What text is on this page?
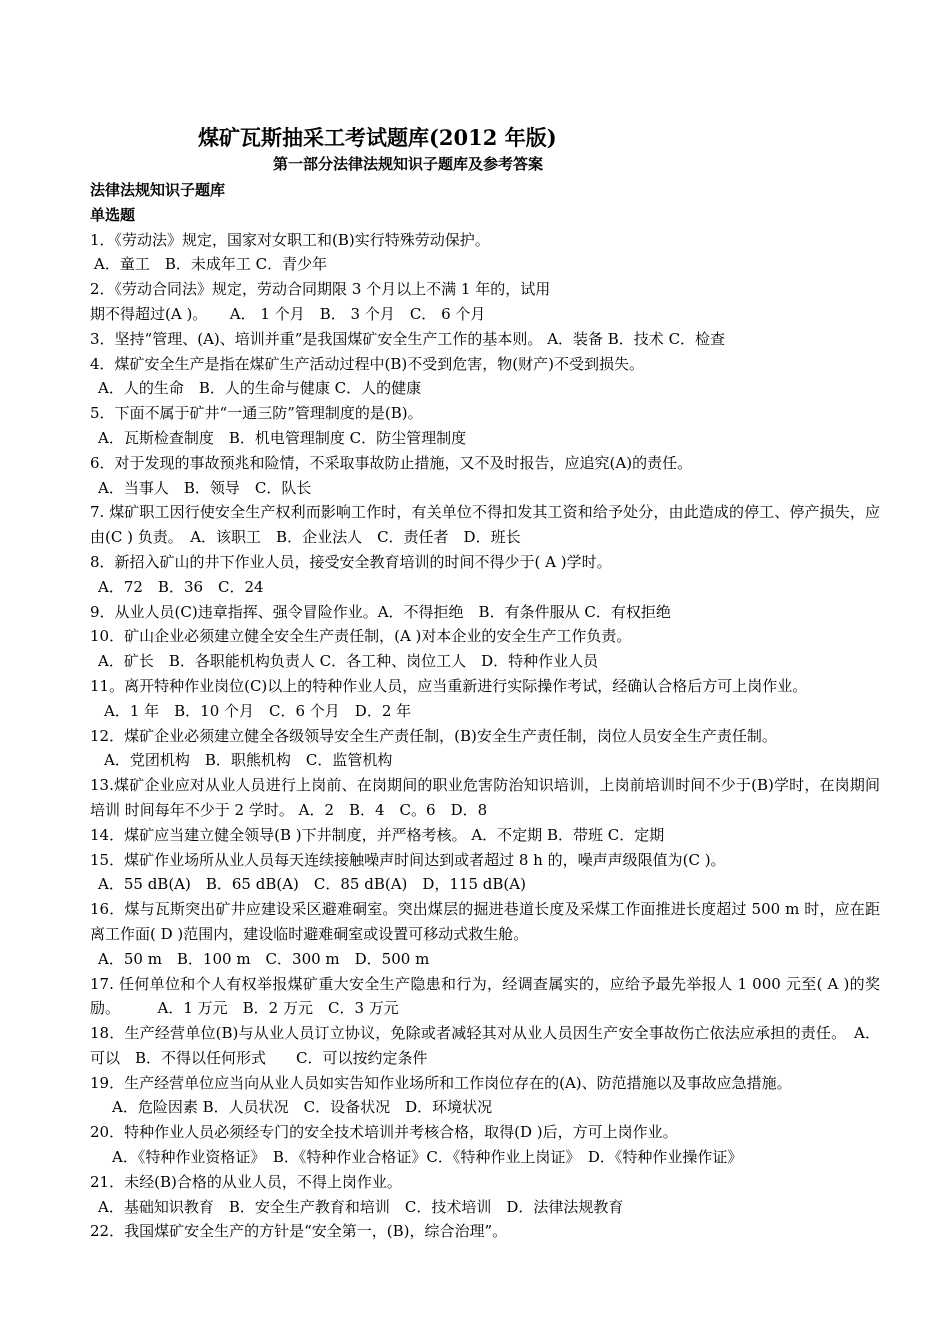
煤矿瓦斯抽采工考试题库(2012 年版)
第一部分法律法规知识子题库及参考答案
法律法规知识子题库
单选题
1．《劳动法》规定，国家对女职工和(B)实行特殊劳动保护。
A．童工　B．未成年工 C．青少年
2．《劳动合同法》规定，劳动合同期限 3 个月以上不满 1 年的，试用
期不得超过(A )。　　A． 1 个月　B． 3 个月　C． 6 个月
3．坚持“管理、(A)、培训并重”是我国煤矿安全生产工作的基本则。 A．装备 B．技术 C．检查
4．煤矿安全生产是指在煤矿生产活动过程中(B)不受到危害，物(财产)不受到损失。
A．人的生命　B．人的生命与健康 C．人的健康
5．下面不属于矿井“一通三防”管理制度的是(B)。
A．瓦斯检查制度　B．机电管理制度 C．防尘管理制度
6．对于发现的事故预兆和险情，不采取事故防止措施，又不及时报告，应追究(A)的责任。
A．当事人　B．领导　C．队长
7. 煤矿职工因行使安全生产权利而影响工作时，有关单位不得扣发其工资和给予处分，由此造成的停工、停产损失，应由(C ) 负责。　A．该职工　B．企业法人　C．责任者　D．班长
8．新招入矿山的井下作业人员，接受安全教育培训的时间不得少于( A )学时。
A．72　B．36　C．24
9．从业人员(C)违章指挥、强令冒险作业。A．不得拒绝　B．有条件服从 C．有权拒绝
10．矿山企业必须建立健全安全生产责任制，(A )对本企业的安全生产工作负责。
A．矿长　B．各职能机构负责人 C．各工种、岗位工人　D．特种作业人员
11。离开特种作业岗位(C)以上的特种作业人员，应当重新进行实际操作考试，经确认合格后方可上岗作业。
A．1 年　B．10 个月　C．6 个月　D．2 年
12．煤矿企业必须建立健全各级领导安全生产责任制，(B)安全生产责任制，岗位人员安全生产责任制。
A．党团机构　B．职熊机构　C．监管机构
13.煤矿企业应对从业人员进行上岗前、在岗期间的职业危害防治知识培训，上岗前培训时间不少于(B)学时，在岗期间培训 时间每年不少于 2 学时。 A．2　B．4　C。6　D．8
14．煤矿应当建立健全领导(B )下井制度，并严格考核。 A．不定期 B．带班 C．定期
15．煤矿作业场所从业人员每天连续接触噪声时间达到或者超过 8 h 的，噪声声级限值为(C )。
A．55 dB(A)　B．65 dB(A)　C．85 dB(A)　D，115 dB(A)
16．煤与瓦斯突出矿井应建设采区避难硐室。突出煤层的掘进巷道长度及采煤工作面推进长度超过 500 m 时，应在距离工作面( D )范围内，建设临时避难硐室或设置可移动式救生舱。
A．50 m　B．100 m　C．300 m　D．500 m
17. 任何单位和个人有权举报煤矿重大安全生产隐患和行为，经调查属实的，应给予最先举报人 1 000 元至( A )的奖励。　　　A．1 万元　B．2 万元　C．3 万元
18．生产经营单位(B)与从业人员订立协议，免除或者减轻其对从业人员因生产安全事故伤亡依法应承担的责任。　A．可以　B．不得以任何形式　　C．可以按约定条件
19．生产经营单位应当向从业人员如实告知作业场所和工作岗位存在的(A)、防范措施以及事故应急措施。
A．危险因素 B．人员状况　C．设备状况　D．环境状况
20．特种作业人员必须经专门的安全技术培训并考核合格，取得(D )后，方可上岗作业。
A．《特种作业资格证》　B．《特种作业合格证》C．《特种作业上岗证》　D．《特种作业操作证》
21．未经(B)合格的从业人员，不得上岗作业。
A．基础知识教育　B．安全生产教育和培训　C．技术培训　D．法律法规教育
22．我国煤矿安全生产的方针是“安全第一，(B)，综合治理”。
